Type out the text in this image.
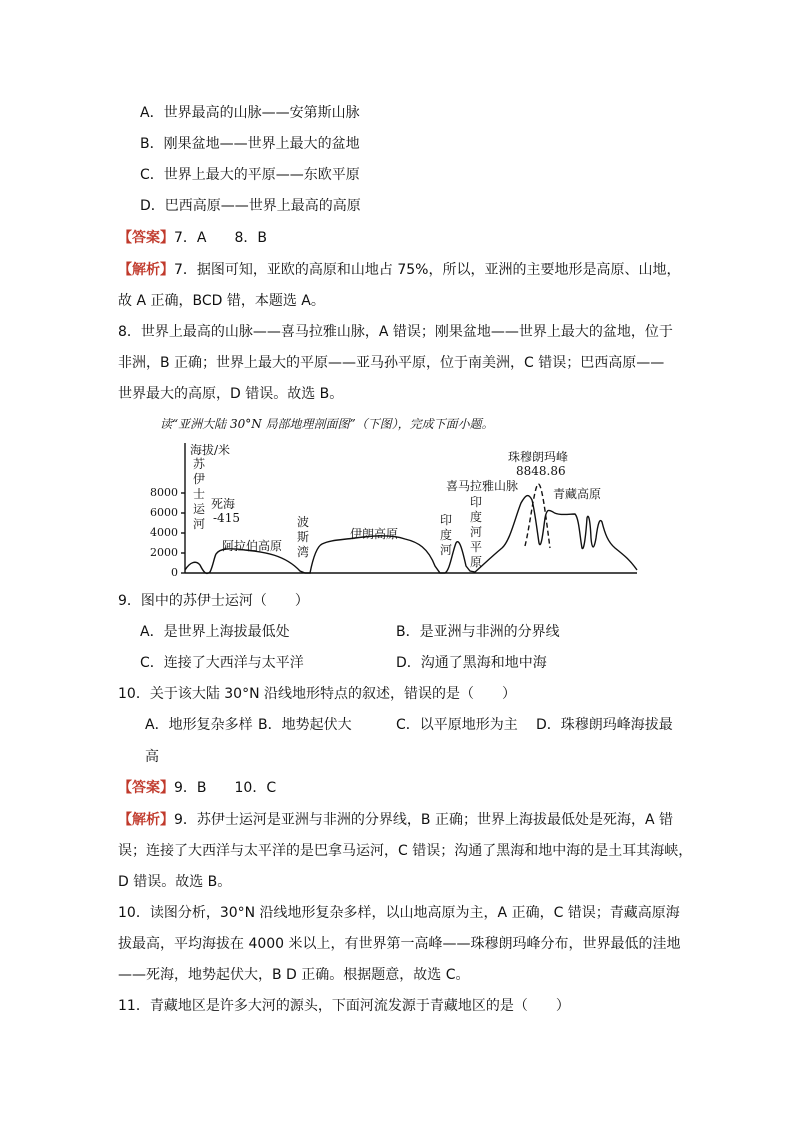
A．世界最高的山脉——安第斯山脉
B．刚果盆地——世界上最大的盆地
C．世界上最大的平原——东欧平原
D．巴西高原——世界上最高的高原
【答案】7．A　　8．B
【解析】7．据图可知，亚欧的高原和山地占 75%，所以，亚洲的主要地形是高原、山地，
故 A 正确，BCD 错，本题选 A。
8．世界上最高的山脉——喜马拉雅山脉，A 错误；刚果盆地——世界上最大的盆地，位于
非洲，B 正确；世界上最大的平原——亚马孙平原，位于南美洲，C 错误；巴西高原——
世界最大的高原，D 错误。故选 B。
读“亚洲大陆 30°N 局部地理剖面图”（下图），完成下面小题。
8000
6000
4000
2000
0
海拔/米
苏
伊
士
运
河
死海
-415
阿拉伯高原
波
斯
湾
伊朗高原
印
度
河
印
度
河
平
原
喜马拉雅山脉
珠穆朗玛峰
8848.86
青藏高原
9．图中的苏伊士运河（　　）
A．是世界上海拔最低处	B．是亚洲与非洲的分界线
C．连接了大西洋与太平洋	D．沟通了黑海和地中海
10．关于该大陆 30°N 沿线地形特点的叙述，错误的是（　　）
A．地形复杂多样 B．地势起伏大	C．以平原地形为主 D．珠穆朗玛峰海拔最
高
【答案】9．B　　10．C
【解析】9．苏伊士运河是亚洲与非洲的分界线，B 正确；世界上海拔最低处是死海，A 错
误；连接了大西洋与太平洋的是巴拿马运河，C 错误；沟通了黑海和地中海的是土耳其海峡，
D 错误。故选 B。
10．读图分析，30°N 沿线地形复杂多样，以山地高原为主，A 正确，C 错误；青藏高原海
拔最高，平均海拔在 4000 米以上，有世界第一高峰——珠穆朗玛峰分布，世界最低的洼地
——死海，地势起伏大，B D 正确。根据题意，故选 C。
11．青藏地区是许多大河的源头，下面河流发源于青藏地区的是（　　）
